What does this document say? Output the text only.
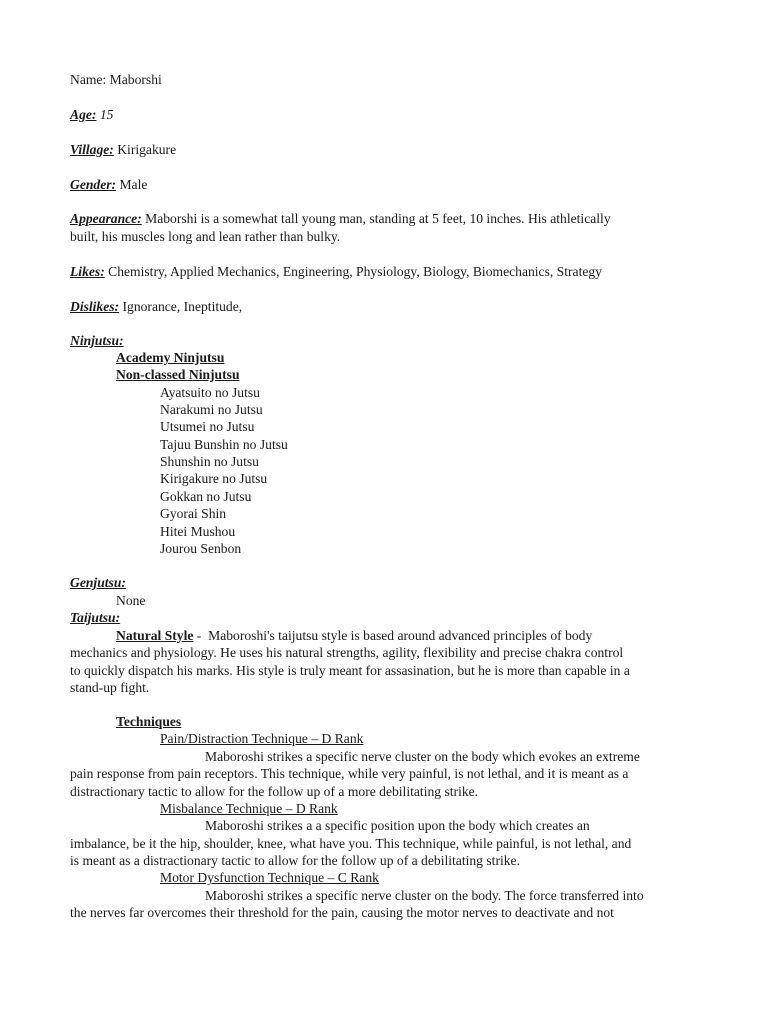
Name: Maborshi

Age: 15

Village: Kirigakure

Gender: Male

Appearance: Maborshi is a somewhat tall young man, standing at 5 feet, 10 inches. His athletically

built, his muscles long and lean rather than bulky.

Likes: Chemistry, Applied Mechanics, Engineering, Physiology, Biology, Biomechanics, Strategy

Dislikes: Ignorance, Ineptitude,

Ninjutsu:

Academy Ninjutsu

Non-classed Ninjutsu

Ayatsuito no Jutsu
Narakumi no Jutsu
Utsumei no Jutsu
Tajuu Bunshin no Jutsu
Shunshin no Jutsu
Kirigakure no Jutsu
Gokkan no Jutsu
Gyorai Shin
Hitei Mushou
Jourou Senbon

Genjutsu:

None

Taijutsu:

Natural Style -  Maboroshi's taijutsu style is based around advanced principles of body

mechanics and physiology. He uses his natural strengths, agility, flexibility and precise chakra control

to quickly dispatch his marks. His style is truly meant for assasination, but he is more than capable in a

stand-up fight.

Techniques

Pain/Distraction Technique – D Rank

Maboroshi strikes a specific nerve cluster on the body which evokes an extreme

pain response from pain receptors. This technique, while very painful, is not lethal, and it is meant as a

distractionary tactic to allow for the follow up of a more debilitating strike.

Misbalance Technique – D Rank

Maboroshi strikes a a specific position upon the body which creates an

imbalance, be it the hip, shoulder, knee, what have you. This technique, while painful, is not lethal, and

is meant as a distractionary tactic to allow for the follow up of a debilitating strike.

Motor Dysfunction Technique – C Rank

Maboroshi strikes a specific nerve cluster on the body. The force transferred into

the nerves far overcomes their threshold for the pain, causing the motor nerves to deactivate and not
